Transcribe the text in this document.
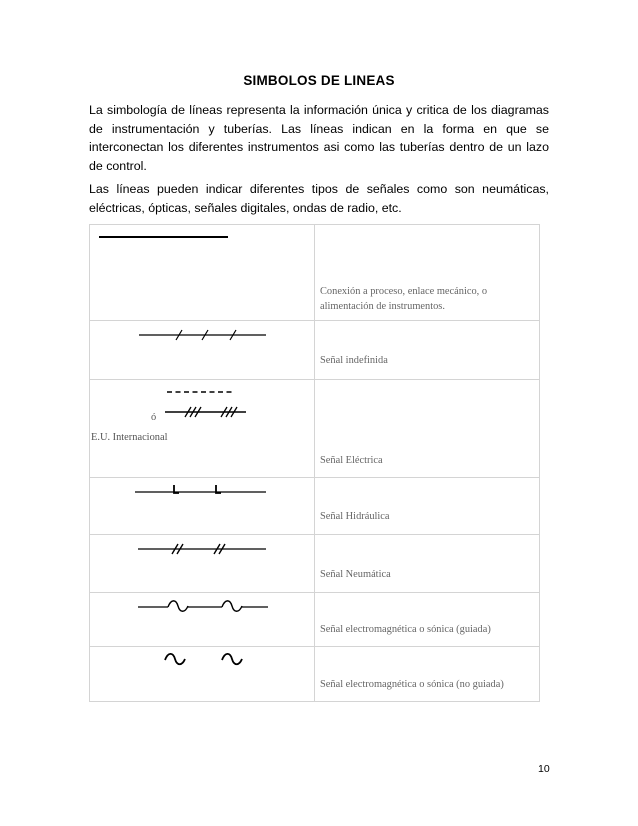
SIMBOLOS DE LINEAS

La simbología de líneas representa la información única y critica de los diagramas de instrumentación y tuberías. Las líneas indican en la forma en que se interconectan los diferentes instrumentos asi como las tuberías dentro de un lazo de control.

Las líneas pueden indicar diferentes tipos de señales como son neumáticas, eléctricas, ópticas, señales digitales, ondas de radio, etc.

Conexión a proceso, enlace mecánico, o
alimentación de instrumentos.

Señal indefinida

ó
E.U. Internacional	Señal Eléctrica

Señal Hidráulica

Señal Neumática

Señal electromagnética o sónica (guiada)

Señal electromagnética o sónica (no guiada)
10
